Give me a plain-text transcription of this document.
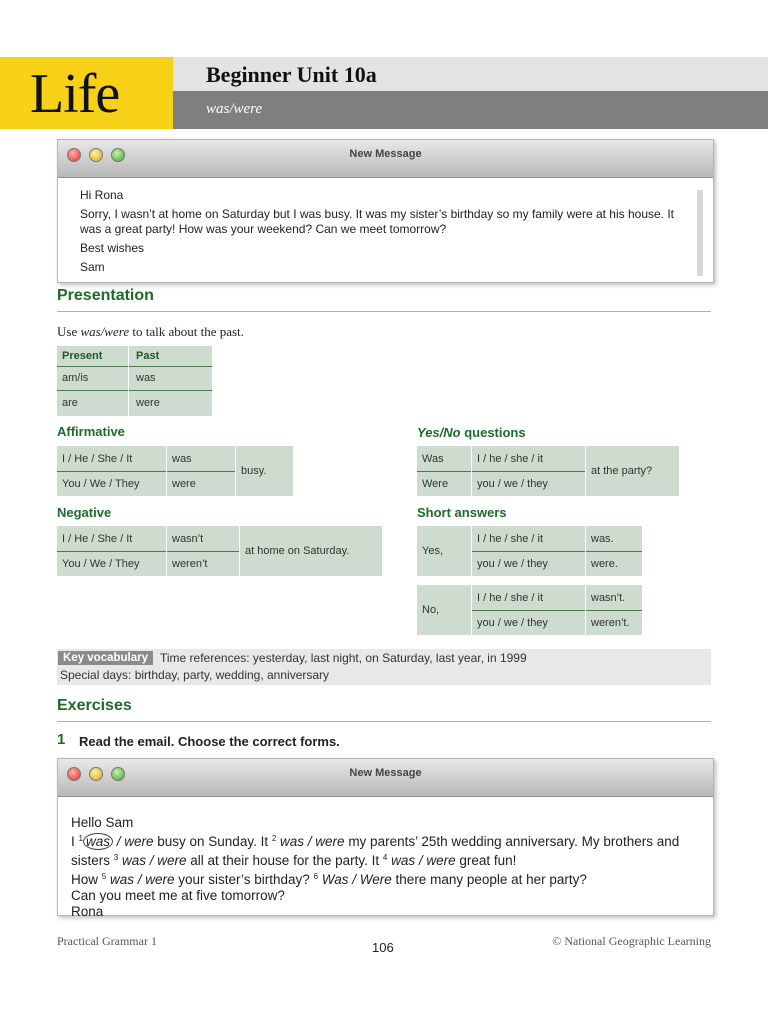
Life	Beginner Unit 10a
was/were
New Message

Hi Rona

Sorry, I wasn’t at home on Saturday but I was busy. It was my sister’s birthday so my family were at his house. It was a great party! How was your weekend? Can we meet tomorrow?

Best wishes

Sam

Presentation
Use was/were to talk about the past.
Present	Past
am/is	was
are	were
Affirmative
I / He / She / It	was
You / We / They	were
busy.
Negative
I / He / She / It	wasn’t
You / We / They	weren’t
at home on Saturday.
Yes/No questions
Was	I / he / she / it
Were	you / we / they
at the party?
Short answers
Yes,
I / he / she / it	was.
you / we / they	were.
No,
I / he / she / it	wasn’t.
you / we / they	weren’t.
Key vocabulary Time references: yesterday, last night, on Saturday, last year, in 1999
Special days: birthday, party, wedding, anniversary
Exercises
1 Read the email. Choose the correct forms.
New Message
Hello Sam
I $^1$ was / were busy on Sunday. It $^2$ was / were my parents’ 25th wedding anniversary. My brothers and sisters $^3$ was / were all at their house for the party. It $^4$ was / were great fun!
How $^5$ was / were your sister’s birthday? $^6$ Was / Were there many people at her party?
Can you meet me at five tomorrow?
Rona
Practical Grammar 1	106	© National Geographic Learning
